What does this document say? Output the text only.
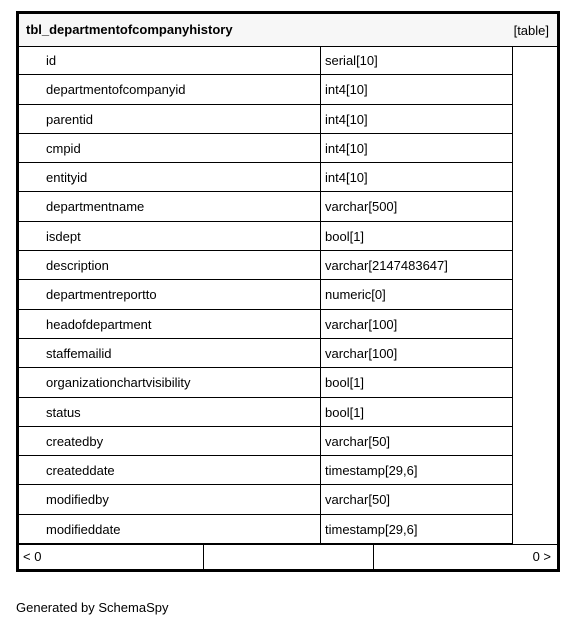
tbl_departmentofcompanyhistory	[table]
id	serial[10]
departmentofcompanyid	int4[10]
parentid	int4[10]
cmpid	int4[10]
entityid	int4[10]
departmentname	varchar[500]
isdept	bool[1]
description	varchar[2147483647]
departmentreportto	numeric[0]
headofdepartment	varchar[100]
staffemailid	varchar[100]
organizationchartvisibility	bool[1]
status	bool[1]
createdby	varchar[50]
createddate	timestamp[29,6]
modifiedby	varchar[50]
modifieddate	timestamp[29,6]
< 0	0 >
Generated by SchemaSpy
